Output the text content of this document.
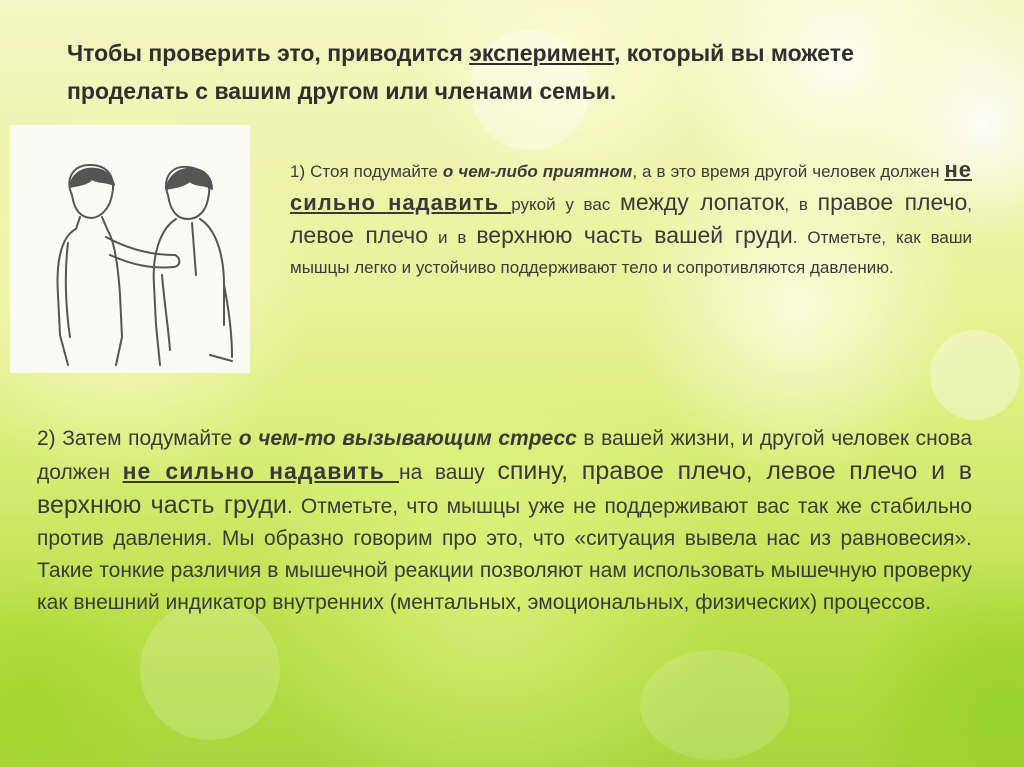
Чтобы проверить это, приводится эксперимент, который вы можете проделать с вашим другом или членами семьи.
1) Стоя подумайте о чем-либо приятном, а в это время другой человек должен не сильно надавить рукой у вас между лопаток, в правое плечо, левое плечо и в верхнюю часть вашей груди. Отметьте, как ваши мышцы легко и устойчиво поддерживают тело и сопротивляются давлению.
2) Затем подумайте о чем-то вызывающим стресс в вашей жизни, и другой человек снова должен не сильно надавить на вашу спину, правое плечо, левое плечо и в верхнюю часть груди. Отметьте, что мышцы уже не поддерживают вас так же стабильно против давления. Мы образно говорим про это, что «ситуация вывела нас из равновесия». Такие тонкие различия в мышечной реакции позволяют нам использовать мышечную проверку как внешний индикатор внутренних (ментальных, эмоциональных, физических) процессов.
